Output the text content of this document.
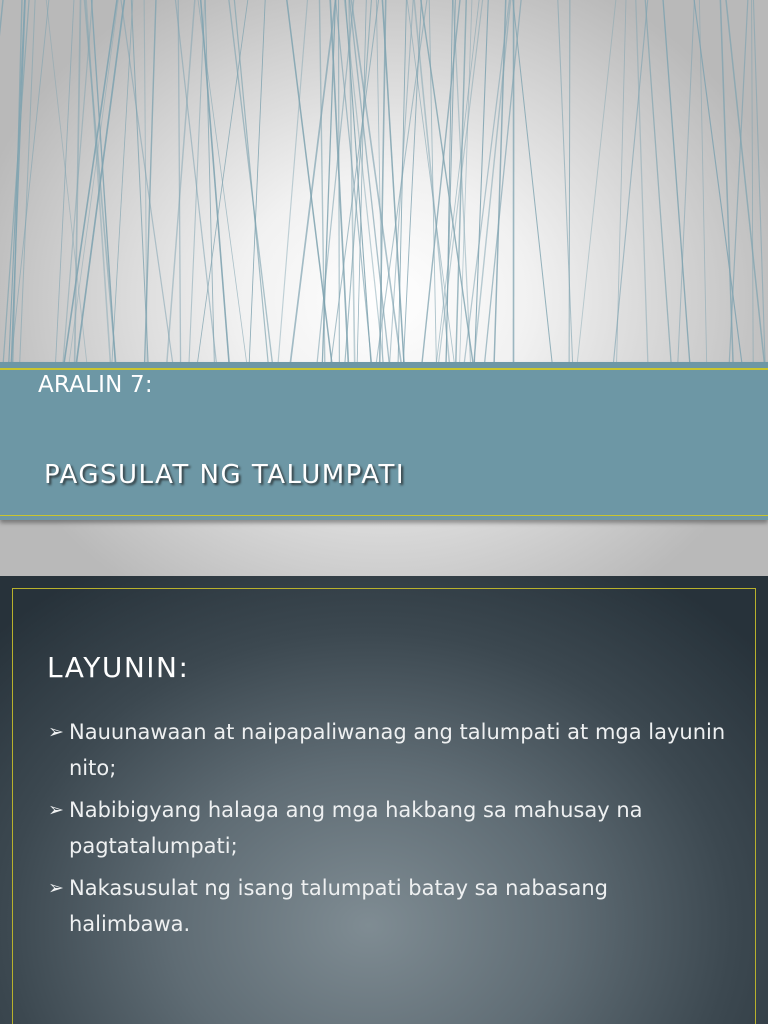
ARALIN 7:
PAGSULAT NG TALUMPATI
LAYUNIN:
➢ Nauunawaan at naipapaliwanag ang talumpati at mga layunin nito;
➢ Nabibigyang halaga ang mga hakbang sa mahusay na pagtatalumpati;
➢ Nakasusulat ng isang talumpati batay sa nabasang halimbawa.
